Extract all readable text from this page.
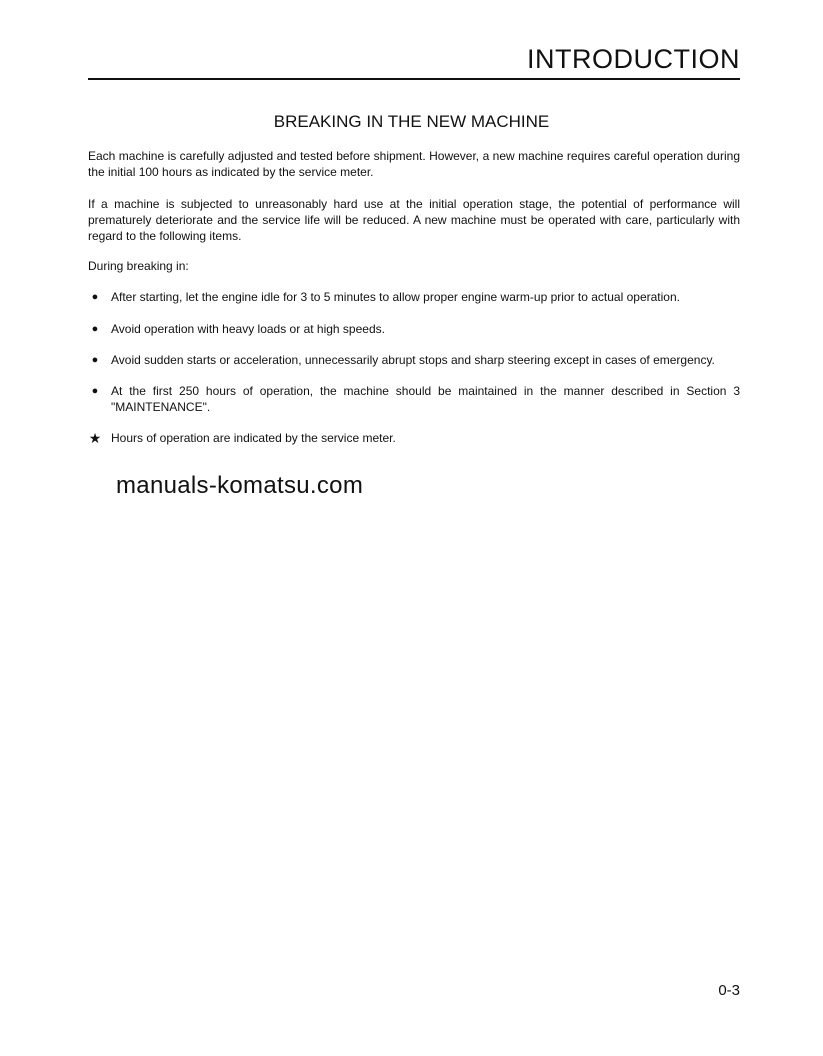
INTRODUCTION
BREAKING IN THE NEW MACHINE
Each machine is carefully adjusted and tested before shipment. However, a new machine requires careful operation during the initial 100 hours as indicated by the service meter.
If a machine is subjected to unreasonably hard use at the initial operation stage, the potential of performance will prematurely deteriorate and the service life will be reduced. A new machine must be operated with care, particularly with regard to the following items.
During breaking in:
●	After starting, let the engine idle for 3 to 5 minutes to allow proper engine warm-up prior to actual operation.
●	Avoid operation with heavy loads or at high speeds.
●	Avoid sudden starts or acceleration, unnecessarily abrupt stops and sharp steering except in cases of emergency.
●	At the first 250 hours of operation, the machine should be maintained in the manner described in Section 3 "MAINTENANCE".
★ Hours of operation are indicated by the service meter.
manuals-komatsu.com
0-3
